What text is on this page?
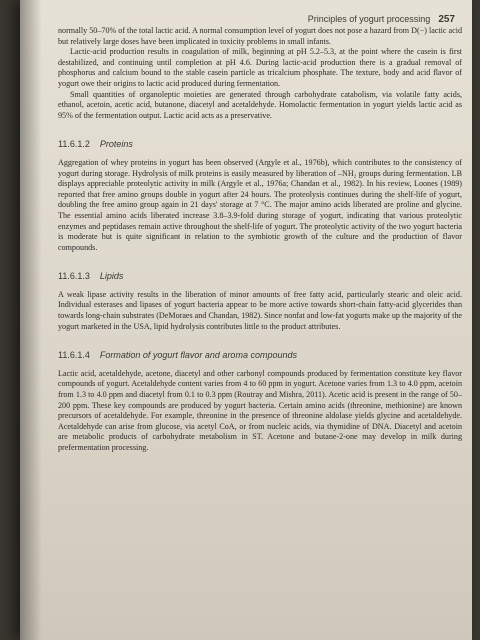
Principles of yogurt processing 257

normally 50–70% of the total lactic acid. A normal consumption level of yogurt does not pose a hazard from D(−) lactic acid but relatively large doses have been implicated in toxicity problems in small infants.

Lactic-acid production results in coagulation of milk, beginning at pH 5.2–5.3, at the point where the casein is first destabilized, and continuing until completion at pH 4.6. During lactic-acid production there is a gradual removal of phosphorus and calcium bound to the stable casein particle as tricalcium phosphate. The texture, body and acid flavor of yogurt owe their origins to lactic acid produced during fermentation.

Small quantities of organoleptic moieties are generated through carbohydrate catabolism, via volatile fatty acids, ethanol, acetoin, acetic acid, butanone, diacetyl and acetaldehyde. Homolactic fermentation in yogurt yields lactic acid as 95% of the fermentation output. Lactic acid acts as a preservative.

11.6.1.2 Proteins

Aggregation of whey proteins in yogurt has been observed (Argyle et al., 1976b), which contributes to the consistency of yogurt during storage. Hydrolysis of milk proteins is easily measured by liberation of –NH₂ groups during fermentation. LB displays appreciable proteolytic activity in milk (Argyle et al., 1976a; Chandan et al., 1982). In his review, Loones (1989) reported that free amino groups double in yogurt after 24 hours. The proteolysis continues during the shelf-life of yogurt, doubling the free amino group again in 21 days' storage at 7 °C. The major amino acids liberated are proline and glycine. The essential amino acids liberated increase 3.8–3.9-fold during storage of yogurt, indicating that various proteolytic enzymes and peptidases remain active throughout the shelf-life of yogurt. The proteolytic activity of the two yogurt bacteria is moderate but is quite significant in relation to the symbiotic growth of the culture and the production of flavor compounds.

11.6.1.3 Lipids

A weak lipase activity results in the liberation of minor amounts of free fatty acid, particularly stearic and oleic acid. Individual esterases and lipases of yogurt bacteria appear to be more active towards short-chain fatty-acid glycerides than towards long-chain substrates (DeMoraes and Chandan, 1982). Since nonfat and low-fat yogurts make up the majority of the yogurt marketed in the USA, lipid hydrolysis contributes little to the product attributes.

11.6.1.4 Formation of yogurt flavor and aroma compounds

Lactic acid, acetaldehyde, acetone, diacetyl and other carbonyl compounds produced by fermentation constitute key flavor compounds of yogurt. Acetaldehyde content varies from 4 to 60 ppm in yogurt. Acetone varies from 1.3 to 4.0 ppm, acetoin from 1.3 to 4.0 ppm and diacetyl from 0.1 to 0.3 ppm (Routray and Mishra, 2011). Acetic acid is present in the range of 50–200 ppm. These key compounds are produced by yogurt bacteria. Certain amino acids (threonine, methionine) are known precursors of acetaldehyde. For example, threonine in the presence of threonine aldolase yields glycine and acetaldehyde. Acetaldehyde can arise from glucose, via acetyl CoA, or from nucleic acids, via thymidine of DNA. Diacetyl and acetoin are metabolic products of carbohydrate metabolism in ST. Acetone and butane-2-one may develop in milk during prefermentation processing.
